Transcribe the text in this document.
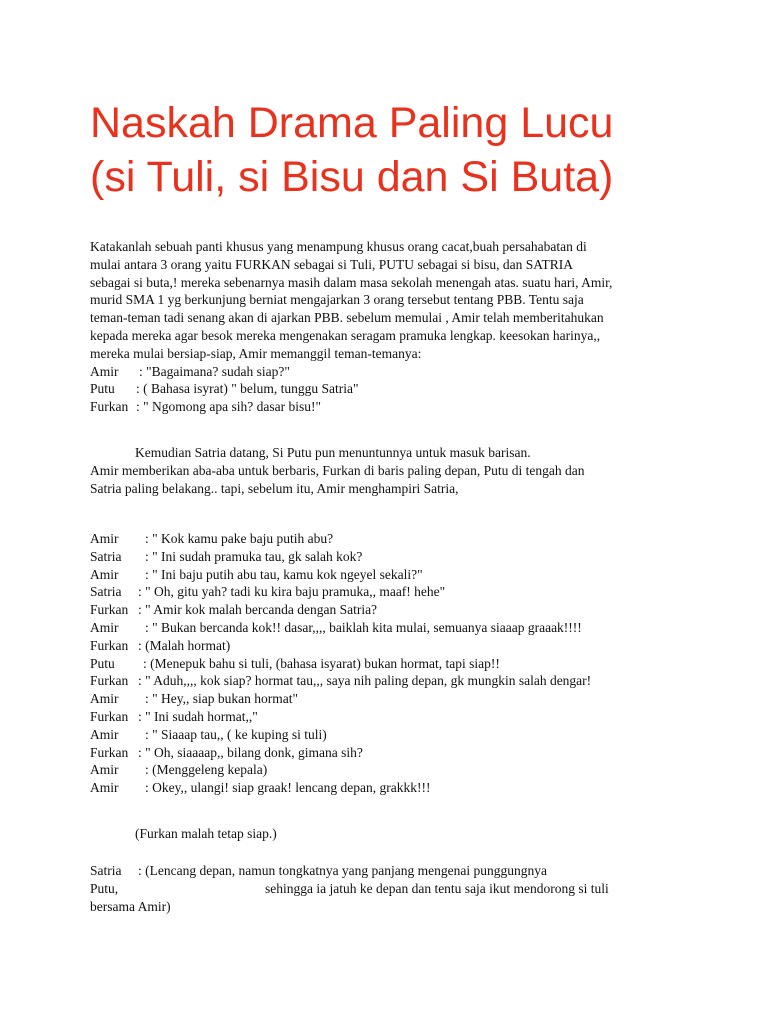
Naskah Drama Paling Lucu
(si Tuli, si Bisu dan Si Buta)
Katakanlah sebuah panti khusus yang menampung khusus orang cacat,buah persahabatan di
mulai antara 3 orang yaitu FURKAN sebagai si Tuli, PUTU sebagai si bisu, dan SATRIA
sebagai si buta,! mereka sebenarnya masih dalam masa sekolah menengah atas. suatu hari, Amir,
murid SMA 1 yg berkunjung berniat mengajarkan 3 orang tersebut tentang PBB. Tentu saja
teman-teman tadi senang akan di ajarkan PBB. sebelum memulai , Amir telah memberitahukan
kepada mereka agar besok mereka mengenakan seragam pramuka lengkap. keesokan harinya,,
mereka mulai bersiap-siap, Amir memanggil teman-temanya:
Amir : "Bagaimana? sudah siap?"
Putu : ( Bahasa isyrat) " belum, tunggu Satria"
Furkan : " Ngomong apa sih? dasar bisu!"
Kemudian Satria datang, Si Putu pun menuntunnya untuk masuk barisan.
Amir memberikan aba-aba untuk berbaris, Furkan di baris paling depan, Putu di tengah dan
Satria paling belakang.. tapi, sebelum itu, Amir menghampiri Satria,
Amir : " Kok kamu pake baju putih abu?
Satria : " Ini sudah pramuka tau, gk salah kok?
Amir : " Ini baju putih abu tau, kamu kok ngeyel sekali?"
Satria : " Oh, gitu yah? tadi ku kira baju pramuka,, maaf! hehe"
Furkan : " Amir kok malah bercanda dengan Satria?
Amir : " Bukan bercanda kok!! dasar,,,, baiklah kita mulai, semuanya siaaap graaak!!!!
Furkan : (Malah hormat)
Putu : (Menepuk bahu si tuli, (bahasa isyarat) bukan hormat, tapi siap!!
Furkan : " Aduh,,,, kok siap? hormat tau,,, saya nih paling depan, gk mungkin salah dengar!
Amir : " Hey,, siap bukan hormat"
Furkan : " Ini sudah hormat,,"
Amir : " Siaaap tau,, ( ke kuping si tuli)
Furkan : " Oh, siaaaap,, bilang donk, gimana sih?
Amir : (Menggeleng kepala)
Amir : Okey,, ulangi! siap graak! lencang depan, grakkk!!!
(Furkan malah tetap siap.)
Satria : (Lencang depan, namun tongkatnya yang panjang mengenai punggungnya
Putu,	sehingga ia jatuh ke depan dan tentu saja ikut mendorong si tuli
bersama Amir)
